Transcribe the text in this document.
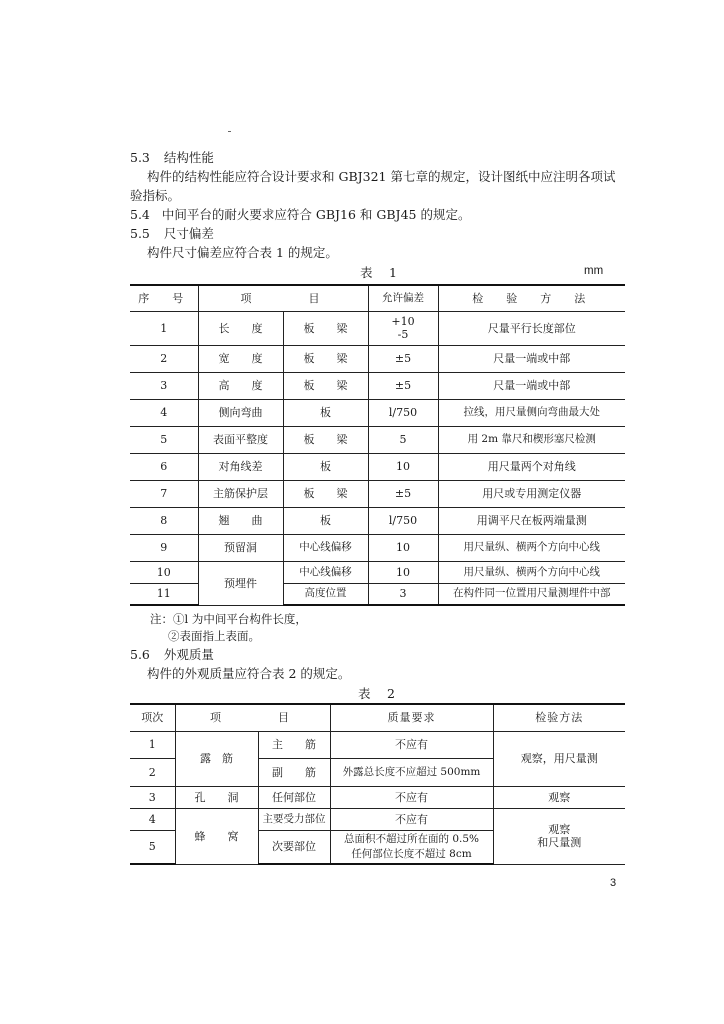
5.3 结构性能
构件的结构性能应符合设计要求和 GBJ321 第七章的规定，设计图纸中应注明各项试
验指标。
5.4 中间平台的耐火要求应符合 GBJ16 和 GBJ45 的规定。
5.5 尺寸偏差
构件尺寸偏差应符合表 1 的规定。
表　1	mm
序　号	项　　　目		允许偏差	检　验　方　法
1	长　　度	板　　梁	+10
-5	尺量平行长度部位
2	宽　　度	板　　梁	±5	尺量一端或中部
3	高　　度	板　　梁	±5	尺量一端或中部
4	侧向弯曲	板	l/750	拉线，用尺量侧向弯曲最大处
5	表面平整度	板　　梁	5	用 2m 靠尺和楔形塞尺检测
6	对角线差	板	10	用尺量两个对角线
7	主筋保护层	板　　梁	±5	用尺或专用测定仪器
8	翘　　曲	板	l/750	用调平尺在板两端量测
9	预留洞	中心线偏移	10	用尺量纵、横两个方向中心线
10	预埋件	中心线偏移	10	用尺量纵、横两个方向中心线
11		高度位置	3	在构件同一位置用尺量测埋件中部
注：①l 为中间平台构件长度，
②表面指上表面。
5.6 外观质量
构件的外观质量应符合表 2 的规定。
表　2
项次	项　　　目		质量要求	检验方法
1	露　筋	主　　筋	不应有	观察，用尺量测
2		副　　筋	外露总长度不应超过 500mm	
3	孔　　洞	任何部位	不应有	观察
4	蜂　　窝	主要受力部位	不应有	观察
和尺量测
5		次要部位	总面积不超过所在面的 0.5%
任何部位长度不超过 8cm	
3
